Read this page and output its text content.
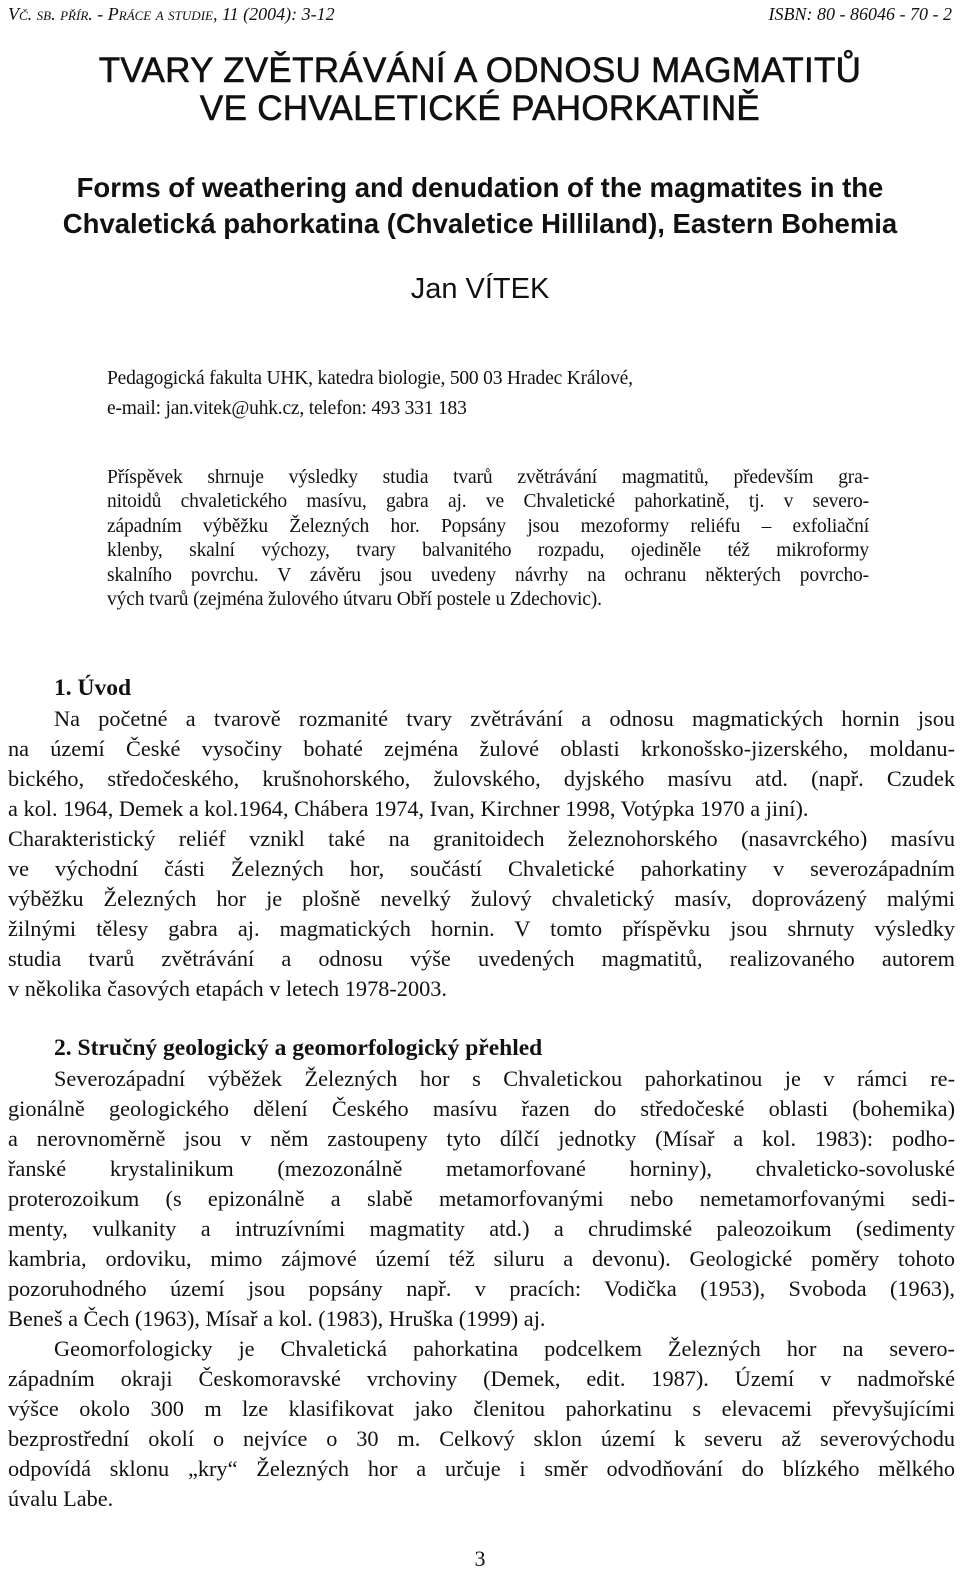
Vč. sb. přír. - Práce a studie, 11 (2004): 3-12	ISBN: 80 - 86046 - 70 - 2
TVARY ZVĚTRÁVÁNÍ A ODNOSU MAGMATITŮ
VE CHVALETICKÉ PAHORKATINĚ
Forms of weathering and denudation of the magmatites in the
Chvaletická pahorkatina (Chvaletice Hilliland), Eastern Bohemia
Jan VÍTEK
Pedagogická fakulta UHK, katedra biologie, 500 03 Hradec Králové,
e-mail: jan.vitek@uhk.cz, telefon: 493 331 183
Příspěvek shrnuje výsledky studia tvarů zvětrávání magmatitů, především gra-
nitoidů chvaletického masívu, gabra aj. ve Chvaletické pahorkatině, tj. v severo-
západním výběžku Železných hor. Popsány jsou mezoformy reliéfu – exfoliační
klenby, skalní výchozy, tvary balvanitého rozpadu, ojediněle též mikroformy
skalního povrchu. V závěru jsou uvedeny návrhy na ochranu některých povrcho-
vých tvarů (zejména žulového útvaru Obří postele u Zdechovic).
1. Úvod
Na početné a tvarově rozmanité tvary zvětrávání a odnosu magmatických hornin jsou
na území České vysočiny bohaté zejména žulové oblasti krkonošsko-jizerského, moldanu-
bického, středočeského, krušnohorského, žulovského, dyjského masívu atd. (např. Czudek
a kol. 1964, Demek a kol.1964, Chábera 1974, Ivan, Kirchner 1998, Votýpka 1970 a jiní).
Charakteristický reliéf vznikl také na granitoidech železnohorského (nasavrckého) masívu
ve východní části Železných hor, součástí Chvaletické pahorkatiny v severozápadním
výběžku Železných hor je plošně nevelký žulový chvaletický masív, doprovázený malými
žilnými tělesy gabra aj. magmatických hornin. V tomto příspěvku jsou shrnuty výsledky
studia tvarů zvětrávání a odnosu výše uvedených magmatitů, realizovaného autorem
v několika časových etapách v letech 1978-2003.
2. Stručný geologický a geomorfologický přehled
Severozápadní výběžek Železných hor s Chvaletickou pahorkatinou je v rámci re-
gionálně geologického dělení Českého masívu řazen do středočeské oblasti (bohemika)
a nerovnoměrně jsou v něm zastoupeny tyto dílčí jednotky (Mísař a kol. 1983): podho-
řanské krystalinikum (mezozonálně metamorfované horniny), chvaleticko-sovoluské
proterozoikum (s epizonálně a slabě metamorfovanými nebo nemetamorfovanými sedi-
menty, vulkanity a intruzívními magmatity atd.) a chrudimské paleozoikum (sedimenty
kambria, ordoviku, mimo zájmové území též siluru a devonu). Geologické poměry tohoto
pozoruhodného území jsou popsány např. v pracích: Vodička (1953), Svoboda (1963),
Beneš a Čech (1963), Mísař a kol. (1983), Hruška (1999) aj.
Geomorfologicky je Chvaletická pahorkatina podcelkem Železných hor na severo-
západním okraji Českomoravské vrchoviny (Demek, edit. 1987). Území v nadmořské
výšce okolo 300 m lze klasifikovat jako členitou pahorkatinu s elevacemi převyšujícími
bezprostřední okolí o nejvíce o 30 m. Celkový sklon území k severu až severovýchodu
odpovídá sklonu „kry“ Železných hor a určuje i směr odvodňování do blízkého mělkého
úvalu Labe.
3
